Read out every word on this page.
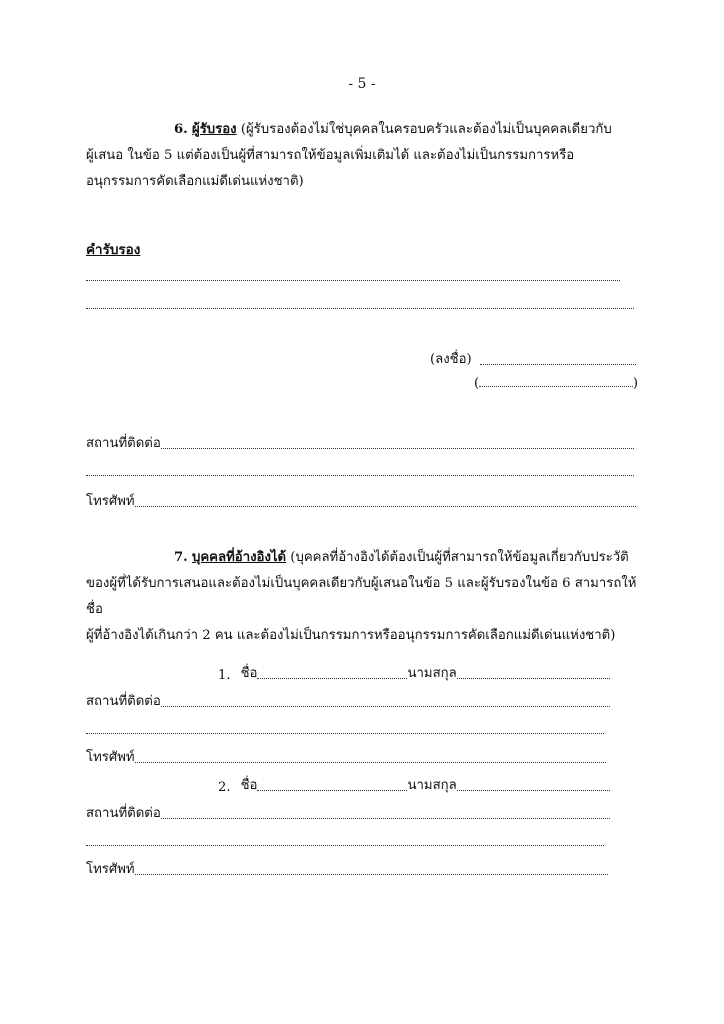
- 5 -
6. ผู้รับรอง (ผู้รับรองต้องไม่ใช่บุคคลในครอบครัวและต้องไม่เป็นบุคคลเดียวกับ
ผู้เสนอ ในข้อ 5 แต่ต้องเป็นผู้ที่สามารถให้ข้อมูลเพิ่มเติมได้ และต้องไม่เป็นกรรมการหรือ
อนุกรรมการคัดเลือกแม่ดีเด่นแห่งชาติ)
คำรับรอง
(ลงชื่อ)
(	)
สถานที่ติดต่อ
โทรศัพท์
7. บุคคลที่อ้างอิงได้ (บุคคลที่อ้างอิงได้ต้องเป็นผู้ที่สามารถให้ข้อมูลเกี่ยวกับประวัติ
ของผู้ที่ได้รับการเสนอและต้องไม่เป็นบุคคลเดียวกับผู้เสนอในข้อ 5 และผู้รับรองในข้อ 6 สามารถให้ชื่อ
ผู้ที่อ้างอิงได้เกินกว่า 2 คน และต้องไม่เป็นกรรมการหรืออนุกรรมการคัดเลือกแม่ดีเด่นแห่งชาติ)
1. ชื่อ	นามสกุล
สถานที่ติดต่อ
โทรศัพท์
2. ชื่อ	นามสกุล
สถานที่ติดต่อ
โทรศัพท์
